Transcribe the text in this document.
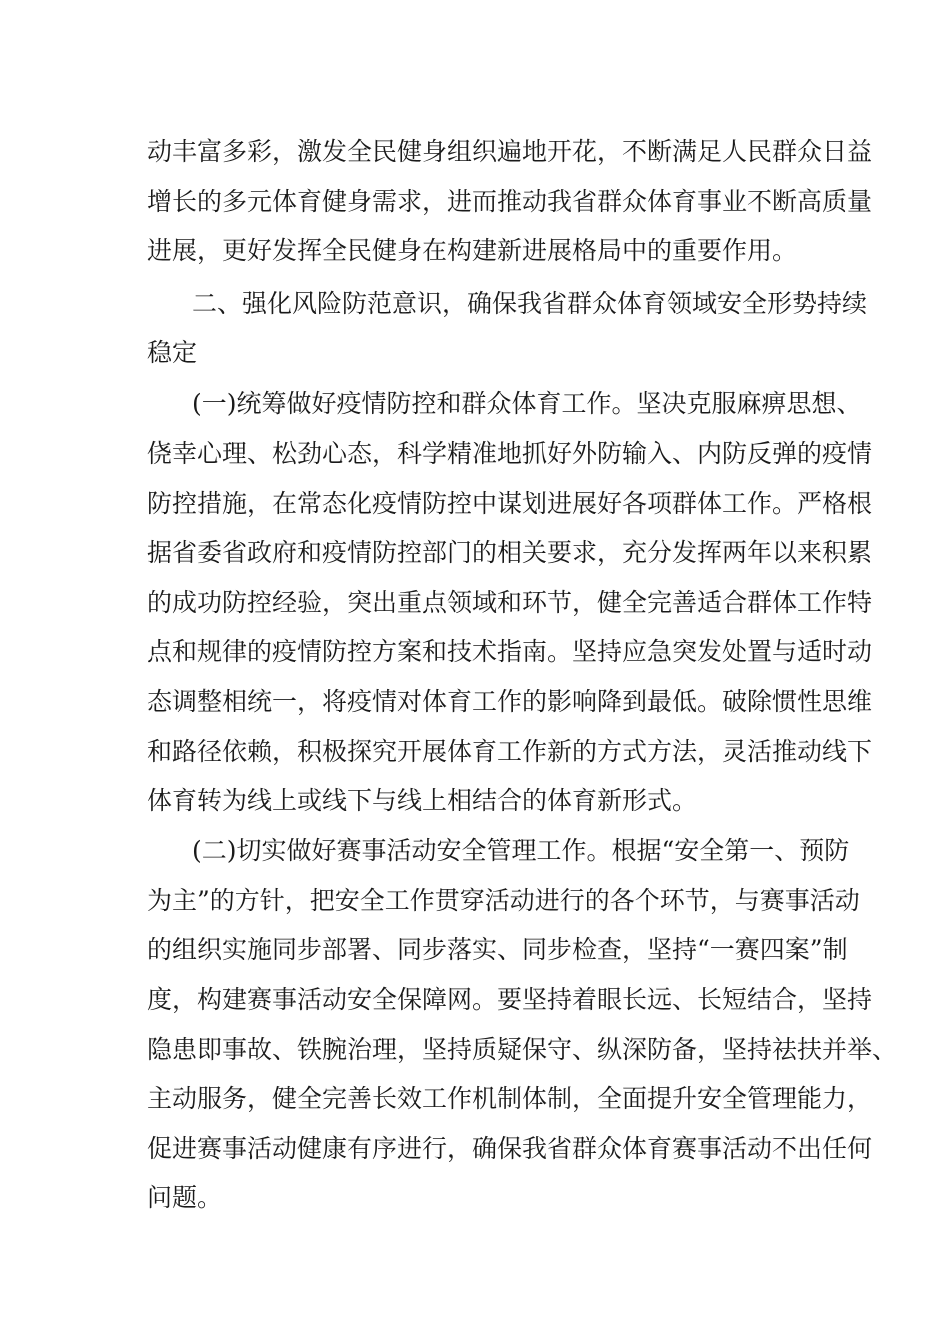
动丰富多彩，激发全民健身组织遍地开花，不断满足人民群众日益

增长的多元体育健身需求，进而推动我省群众体育事业不断高质量

进展，更好发挥全民健身在构建新进展格局中的重要作用。

二、强化风险防范意识，确保我省群众体育领域安全形势持续

稳定

(一)统筹做好疫情防控和群众体育工作。坚决克服麻痹思想、

侥幸心理、松劲心态，科学精准地抓好外防输入、内防反弹的疫情

防控措施，在常态化疫情防控中谋划进展好各项群体工作。严格根

据省委省政府和疫情防控部门的相关要求，充分发挥两年以来积累

的成功防控经验，突出重点领域和环节，健全完善适合群体工作特

点和规律的疫情防控方案和技术指南。坚持应急突发处置与适时动

态调整相统一，将疫情对体育工作的影响降到最低。破除惯性思维

和路径依赖，积极探究开展体育工作新的方式方法，灵活推动线下

体育转为线上或线下与线上相结合的体育新形式。

(二)切实做好赛事活动安全管理工作。根据“安全第一、预防

为主”的方针，把安全工作贯穿活动进行的各个环节，与赛事活动

的组织实施同步部署、同步落实、同步检查，坚持“一赛四案”制

度，构建赛事活动安全保障网。要坚持着眼长远、长短结合，坚持

隐患即事故、铁腕治理，坚持质疑保守、纵深防备，坚持祛扶并举、

主动服务，健全完善长效工作机制体制，全面提升安全管理能力，

促进赛事活动健康有序进行，确保我省群众体育赛事活动不出任何

问题。
